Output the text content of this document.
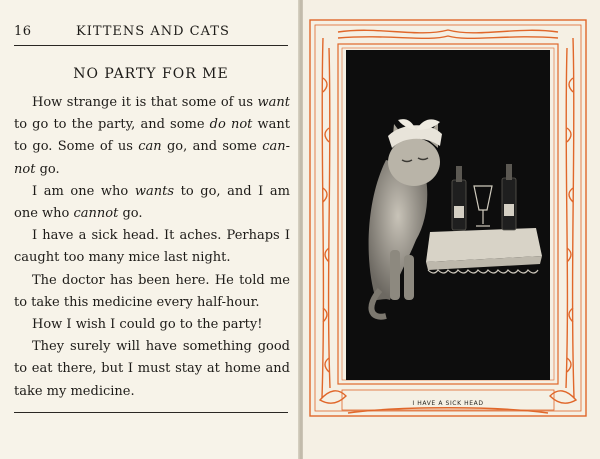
16	KITTENS AND CATS
NO PARTY FOR ME

How strange it is that some of us want to go to the party, and some do not want to go. Some of us can go, and some can-not go.

I am one who wants to go, and I am one who cannot go.

I have a sick head. It aches. Perhaps I caught too many mice last night.

The doctor has been here. He told me to take this medicine every half-hour.

How I wish I could go to the party!

They surely will have something good to eat there, but I must stay at home and take my medicine.

I HAVE A SICK HEAD
